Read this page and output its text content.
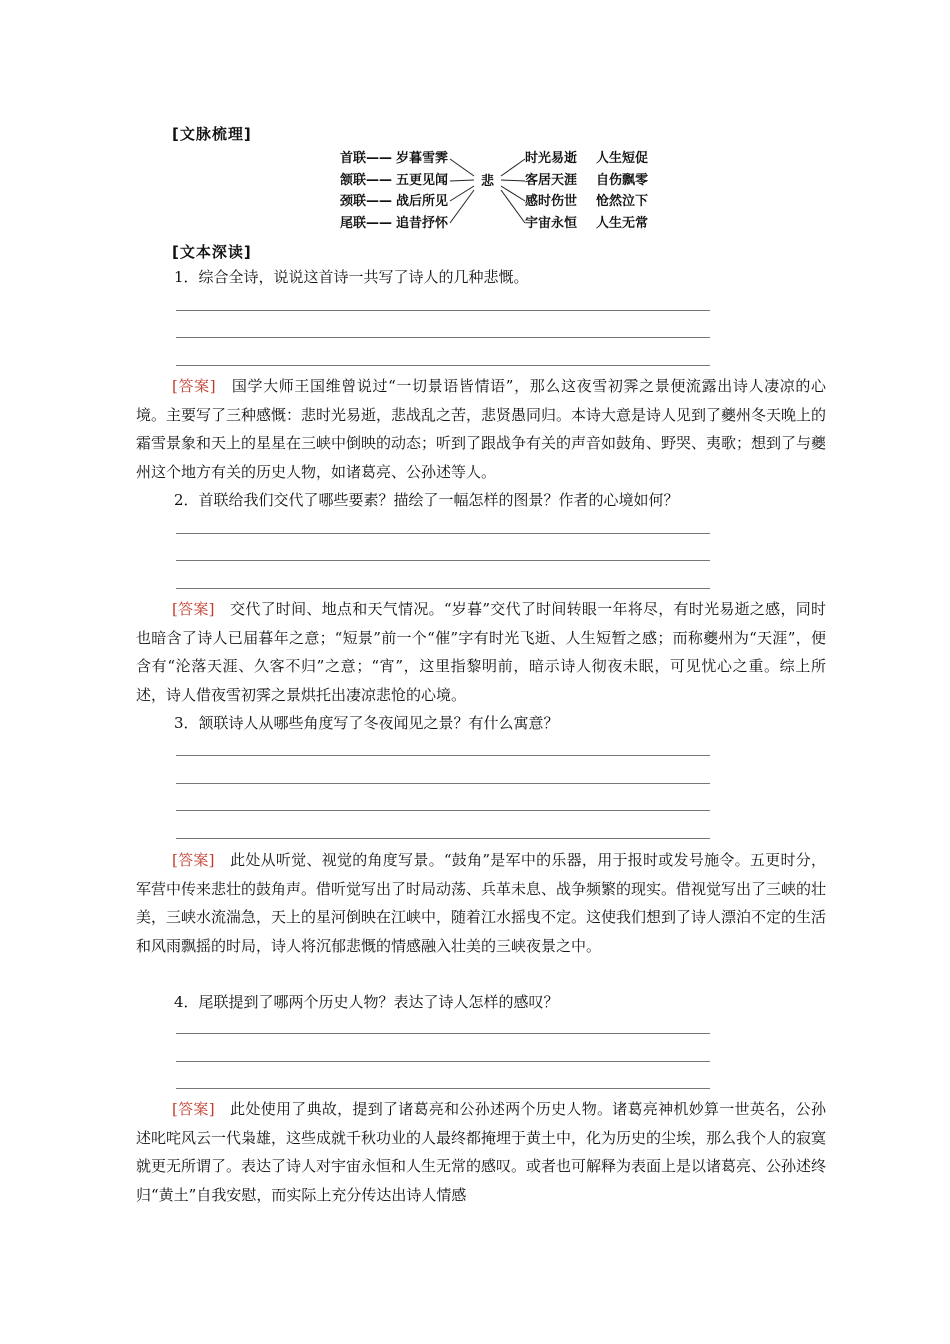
[文脉梳理]
首联—— 岁暮雪霁
颔联—— 五更见闻
颈联—— 战后所见
尾联—— 追昔抒怀
悲
时光易逝 人生短促
客居天涯 自伤飘零
感时伤世 怆然泣下
宇宙永恒 人生无常
[文本深读]
1．综合全诗，说说这首诗一共写了诗人的几种悲慨。
[答案]　 国学大师王国维曾说过“一切景语皆情语”，那么这夜雪初霁之景便流露出诗人凄凉的心境。主要写了三种感慨：悲时光易逝，悲战乱之苦，悲贤愚同归。本诗大意是诗人见到了夔州冬天晚上的霜雪景象和天上的星星在三峡中倒映的动态；听到了跟战争有关的声音如鼓角、野哭、夷歌；想到了与夔州这个地方有关的历史人物，如诸葛亮、公孙述等人。
2．首联给我们交代了哪些要素？描绘了一幅怎样的图景？作者的心境如何？
[答案]　 交代了时间、地点和天气情况。“岁暮”交代了时间转眼一年将尽，有时光易逝之感，同时也暗含了诗人已届暮年之意；“短景”前一个“催”字有时光飞逝、人生短暂之感；而称夔州为“天涯”，便含有“沦落天涯、久客不归”之意；“宵”，这里指黎明前，暗示诗人彻夜未眠，可见忧心之重。综上所述，诗人借夜雪初霁之景烘托出凄凉悲怆的心境。
3．颔联诗人从哪些角度写了冬夜闻见之景？有什么寓意？
[答案]　 此处从听觉、视觉的角度写景。“鼓角”是军中的乐器，用于报时或发号施令。五更时分，军营中传来悲壮的鼓角声。借听觉写出了时局动荡、兵革未息、战争频繁的现实。借视觉写出了三峡的壮美，三峡水流湍急，天上的星河倒映在江峡中，随着江水摇曳不定。这使我们想到了诗人漂泊不定的生活和风雨飘摇的时局，诗人将沉郁悲慨的情感融入壮美的三峡夜景之中。
4．尾联提到了哪两个历史人物？表达了诗人怎样的感叹？
[答案]　 此处使用了典故，提到了诸葛亮和公孙述两个历史人物。诸葛亮神机妙算一世英名，公孙述叱咤风云一代枭雄，这些成就千秋功业的人最终都掩埋于黄土中，化为历史的尘埃，那么我个人的寂寞就更无所谓了。表达了诗人对宇宙永恒和人生无常的感叹。或者也可解释为表面上是以诸葛亮、公孙述终归“黄土”自我安慰，而实际上充分传达出诗人情感
